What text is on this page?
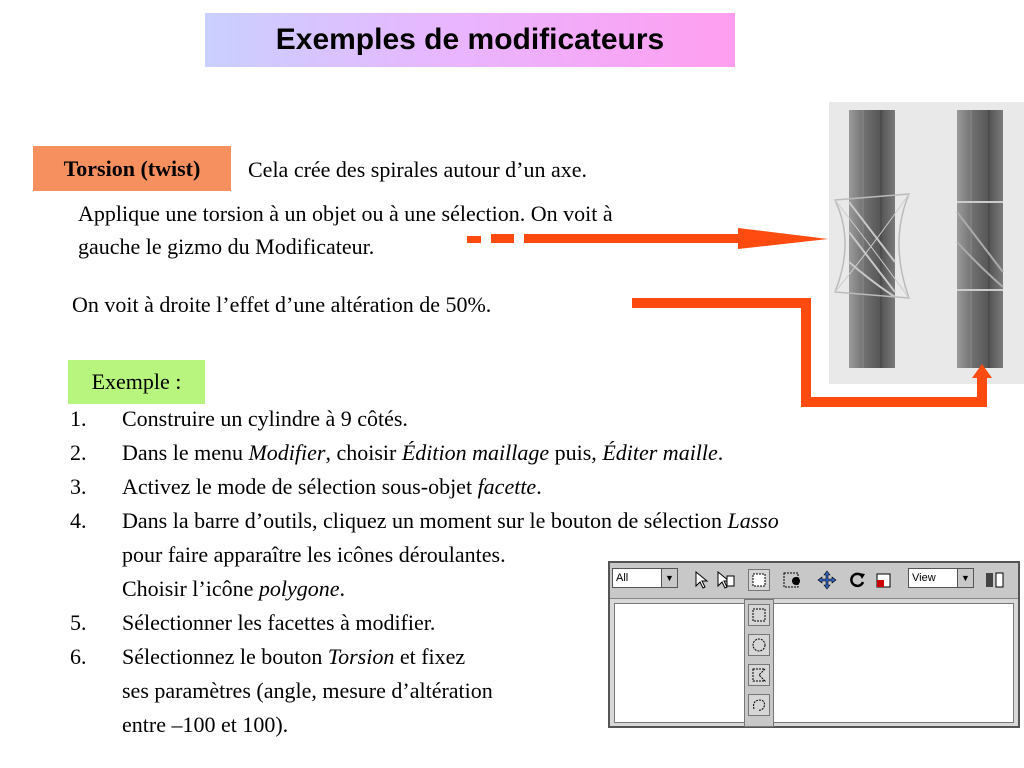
Exemples de modificateurs
Torsion (twist) Cela crée des spirales autour d’un axe.
Applique une torsion à un objet ou à une sélection. On voit à
gauche le gizmo du Modificateur.
On voit à droite l’effet d’une altération de 50%.
Exemple :
1. Construire un cylindre à 9 côtés.
2. Dans le menu Modifier, choisir Édition maillage puis, Éditer maille.
3. Activez le mode de sélection sous-objet facette.
4. Dans la barre d’outils, cliquez un moment sur le bouton de sélection Lasso
pour faire apparaître les icônes déroulantes.
Choisir l’icône polygone.
5. Sélectionner les facettes à modifier.
6. Sélectionnez le bouton Torsion et fixez
ses paramètres (angle, mesure d’altération
entre –100 et 100).
All	▼	View	▼
